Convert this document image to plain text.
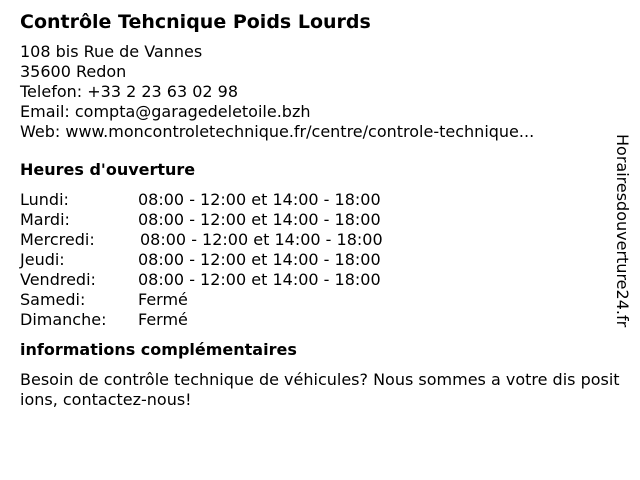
Contrôle Tehcnique Poids Lourds
108 bis Rue de Vannes
35600 Redon
Telefon: +33 2 23 63 02 98
Email: compta@garagedeletoile.bzh
Web: www.moncontroletechnique.fr/centre/controle-technique...
Heures d'ouverture
Lundi:	08:00 - 12:00 et 14:00 - 18:00
Mardi:	08:00 - 12:00 et 14:00 - 18:00
Mercredi:	08:00 - 12:00 et 14:00 - 18:00
Jeudi:	08:00 - 12:00 et 14:00 - 18:00
Vendredi:	08:00 - 12:00 et 14:00 - 18:00
Samedi:	Fermé
Dimanche: Fermé
informations complémentaires

Besoin de contrôle technique de véhicules? Nous sommes a votre dis positions, contactez-nous!

Horairesdouverture24.fr
